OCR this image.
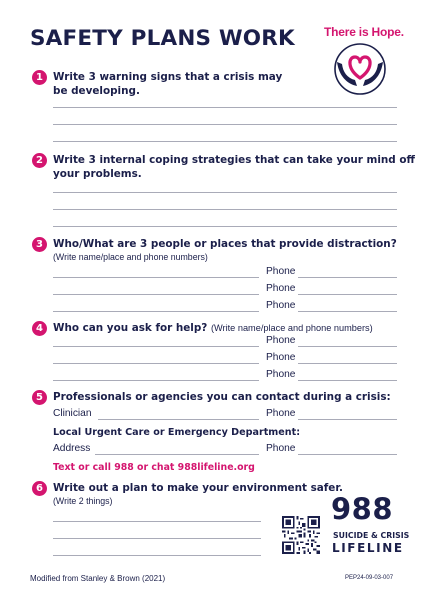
SAFETY PLANS WORK There is Hope.
1 Write 3 warning signs that a crisis may
be developing.
2 Write 3 internal coping strategies that can take your mind off
your problems.
3 Who/What are 3 people or places that provide distraction?
(Write name/place and phone numbers)
Phone
Phone
Phone
4 Who can you ask for help? (Write name/place and phone numbers)
Phone
Phone
Phone
5 Professionals or agencies you can contact during a crisis:
Clinician	Phone
Local Urgent Care or Emergency Department:
Address	Phone
Text or call 988 or chat 988lifeline.org
6 Write out a plan to make your environment safer.
(Write 2 things)	988
SUICIDE & CRISIS
LIFELINE
Modified from Stanley & Brown (2021)	PEP24-09-03-007
